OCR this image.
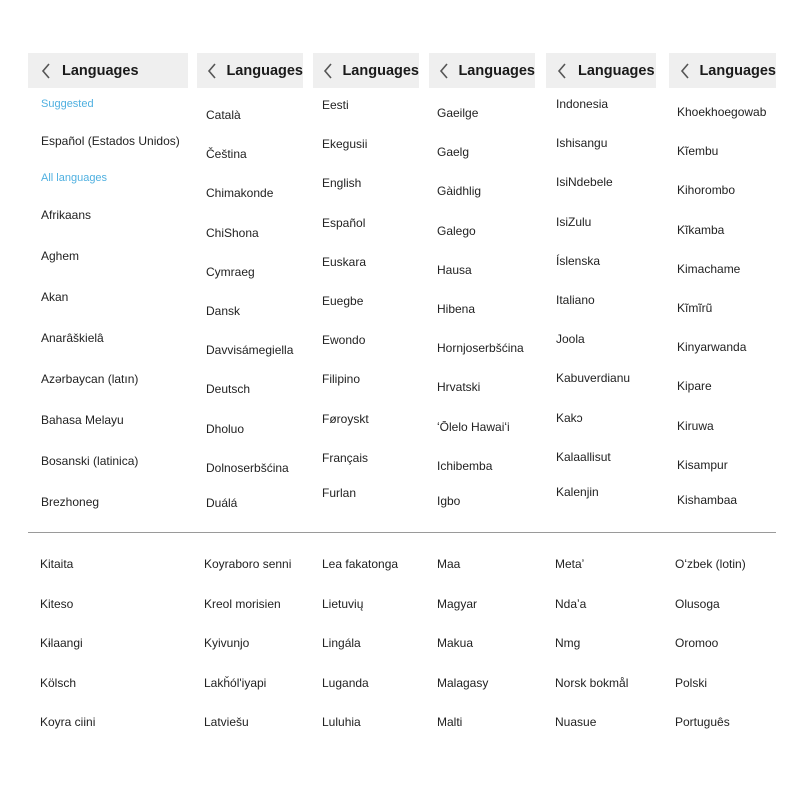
Languages
Suggested
Español (Estados Unidos)
All languages
Afrikaans
Aghem
Akan
Anarâškielâ
Azərbaycan (latın)
Bahasa Melayu
Bosanski (latinica)
Brezhoneg
Languages
Català
Čeština
Chimakonde
ChiShona
Cymraeg
Dansk
Davvisámegiella
Deutsch
Dholuo
Dolnoserbšćina
Duálá
Languages
Eesti
Ekegusii
English
Español
Euskara
Euegbe
Ewondo
Filipino
Føroyskt
Français
Furlan
Languages
Gaeilge
Gaelg
Gàidhlig
Galego
Hausa
Hibena
Hornjoserbšćina
Hrvatski
ʻŌlelo Hawaiʻi
Ichibemba
Igbo
Languages
Indonesia
Ishisangu
IsiNdebele
IsiZulu
Íslenska
Italiano
Joola
Kabuverdianu
Kakɔ
Kalaallisut
Kalenjin
Languages
Khoekhoegowab
Kĩembu
Kihorombo
Kĩkamba
Kimachame
Kĩmĩrũ
Kinyarwanda
Kipare
Kiruwa
Kisampur
Kishambaa
Kitaita
Kiteso
Kɨlaangi
Kölsch
Koyra ciini
Koyraboro senni
Kreol morisien
Kyivunjo
Lakȟól'iyapi
Latviešu
Lea fakatonga
Lietuvių
Lingála
Luganda
Luluhia
Maa
Magyar
Makua
Malagasy
Malti
Metaʼ
Ndaʼa
Nmg
Norsk bokmål
Nuasue
Oʻzbek (lotin)
Olusoga
Oromoo
Polski
Português
